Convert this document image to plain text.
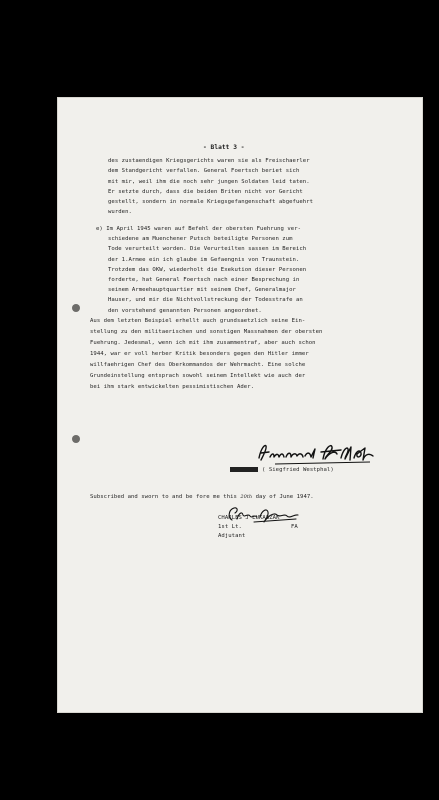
- Blatt 3 -
des zustaendigen Kriegsgerichts waren sie als Freischaerler
dem Standgericht verfallen. General Foertsch beriet sich
mit mir, weil ihm die noch sehr jungen Soldaten leid taten.
Er setzte durch, dass die beiden Briten nicht vor Gericht
gestellt, sondern in normale Kriegsgefangenschaft abgefuehrt
wurden.
e) Im April 1945 waren auf Befehl der obersten Fuehrung ver-
schiedene am Muenchener Putsch beteiligte Personen zum
Tode verurteilt worden. Die Verurteilten sassen im Bereich
der 1.Armee ein ich glaube im Gefaengnis von Traunstein.
Trotzdem das OKW, wiederholt die Exekution dieser Personen
forderte, hat General Foertsch nach einer Besprechung in
seinem Armeehauptquartier mit seinem Chef, Generalmajor
Hauser, und mir die Nichtvollstreckung der Todesstrafe an
den vorstehend genannten Personen angeordnet.
Aus dem letzten Beispiel erhellt auch grundsaetzlich seine Ein-
stellung zu den militaerischen und sonstigen Massnahmen der obersten
Fuehrung. Jedesmal, wenn ich mit ihm zusammentraf, aber auch schon
1944, war er voll herber Kritik besonders gegen den Hitler immer
willfaehrigen Chef des Oberkommandos der Wehrmacht. Eine solche
Grundeinstellung entsprach sowohl seinem Intellekt wie auch der
bei ihm stark entwickelten pessimistischen Ader.
( Siegfried Westphal)
Subscribed and sworn to and be fore me this 20th day of June 1947.
CHARLES J LUKASZAK
1st Lt.	FA
Adjutant
